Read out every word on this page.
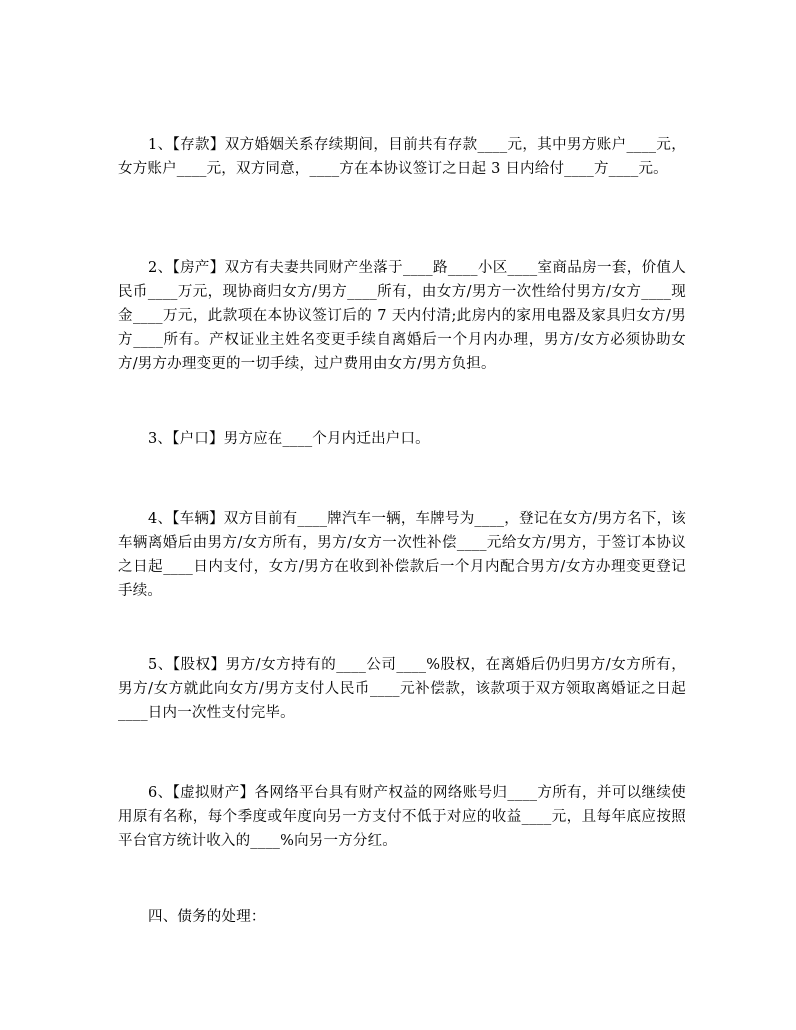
1、【存款】双方婚姻关系存续期间，目前共有存款____元，其中男方账户____元，女方账户____元，双方同意，____方在本协议签订之日起 3 日内给付____方____元。

2、【房产】双方有夫妻共同财产坐落于____路____小区____室商品房一套，价值人民币____万元，现协商归女方/男方____所有，由女方/男方一次性给付男方/女方____现金____万元，此款项在本协议签订后的 7 天内付清;此房内的家用电器及家具归女方/男方____所有。产权证业主姓名变更手续自离婚后一个月内办理，男方/女方必须协助女方/男方办理变更的一切手续，过户费用由女方/男方负担。

3、【户口】男方应在____个月内迁出户口。

4、【车辆】双方目前有____牌汽车一辆，车牌号为____，登记在女方/男方名下，该车辆离婚后由男方/女方所有，男方/女方一次性补偿____元给女方/男方，于签订本协议之日起____日内支付，女方/男方在收到补偿款后一个月内配合男方/女方办理变更登记手续。

5、【股权】男方/女方持有的____公司____%股权，在离婚后仍归男方/女方所有，男方/女方就此向女方/男方支付人民币____元补偿款，该款项于双方领取离婚证之日起____日内一次性支付完毕。

6、【虚拟财产】各网络平台具有财产权益的网络账号归____方所有，并可以继续使用原有名称，每个季度或年度向另一方支付不低于对应的收益____元，且每年底应按照平台官方统计收入的____%向另一方分红。

四、债务的处理：
